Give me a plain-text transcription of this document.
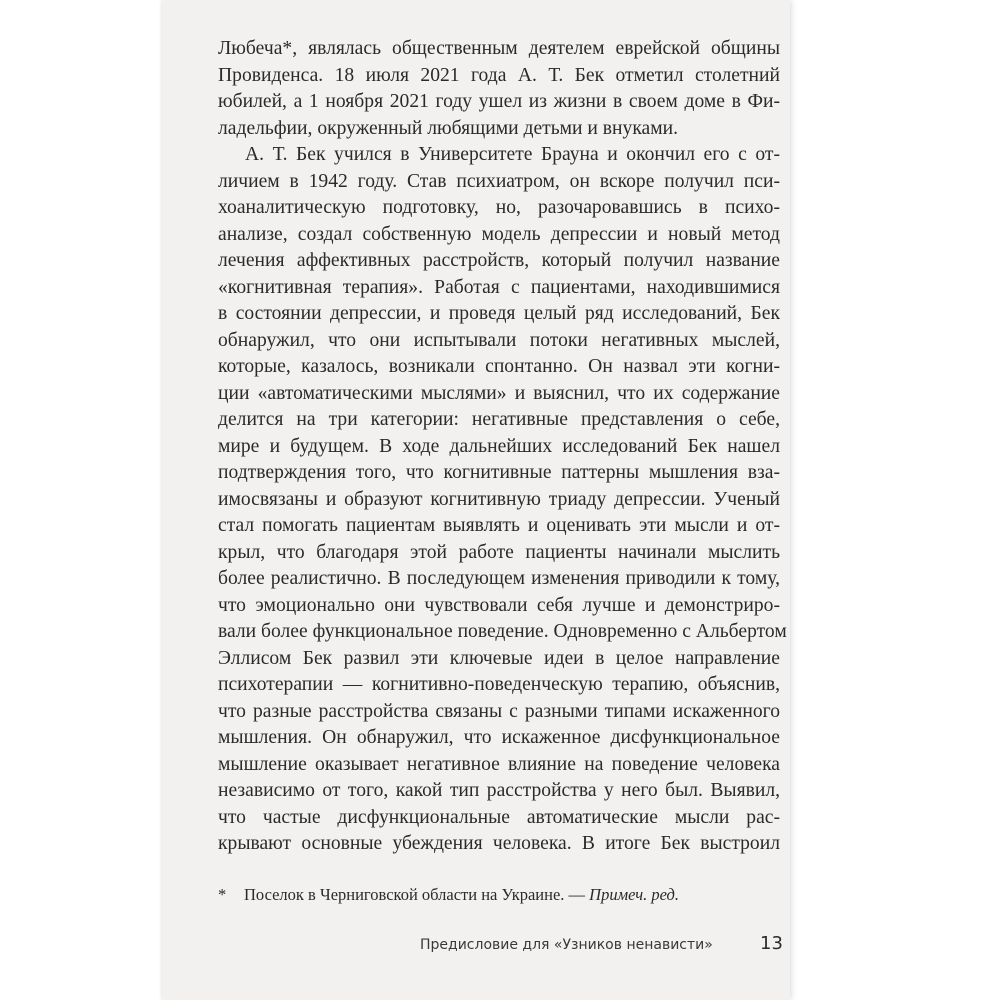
Любеча*, являлась общественным деятелем еврейской общины
Провиденса. 18 июля 2021 года А. Т. Бек отметил столетний
юбилей, а 1 ноября 2021 году ушел из жизни в своем доме в Фи-
ладельфии, окруженный любящими детьми и внуками.
А. Т. Бек учился в Университете Брауна и окончил его с от-
личием в 1942 году. Став психиатром, он вскоре получил пси-
хоаналитическую подготовку, но, разочаровавшись в психо-
анализе, создал собственную модель депрессии и новый метод
лечения аффективных расстройств, который получил название
«когнитивная терапия». Работая с пациентами, находившимися
в состоянии депрессии, и проведя целый ряд исследований, Бек
обнаружил, что они испытывали потоки негативных мыслей,
которые, казалось, возникали спонтанно. Он назвал эти когни-
ции «автоматическими мыслями» и выяснил, что их содержание
делится на три категории: негативные представления о себе,
мире и будущем. В ходе дальнейших исследований Бек нашел
подтверждения того, что когнитивные паттерны мышления вза-
имосвязаны и образуют когнитивную триаду депрессии. Ученый
стал помогать пациентам выявлять и оценивать эти мысли и от-
крыл, что благодаря этой работе пациенты начинали мыслить
более реалистично. В последующем изменения приводили к тому,
что эмоционально они чувствовали себя лучше и демонстриро-
вали более функциональное поведение. Одновременно с Альбертом
Эллисом Бек развил эти ключевые идеи в целое направление
психотерапии — когнитивно-поведенческую терапию, объяснив,
что разные расстройства связаны с разными типами искаженного
мышления. Он обнаружил, что искаженное дисфункциональное
мышление оказывает негативное влияние на поведение человека
независимо от того, какой тип расстройства у него был. Выявил,
что частые дисфункциональные автоматические мысли рас-
крывают основные убеждения человека. В итоге Бек выстроил
* Поселок в Черниговской области на Украине. — Примеч. ред.
Предисловие для «Узников ненависти»	13
